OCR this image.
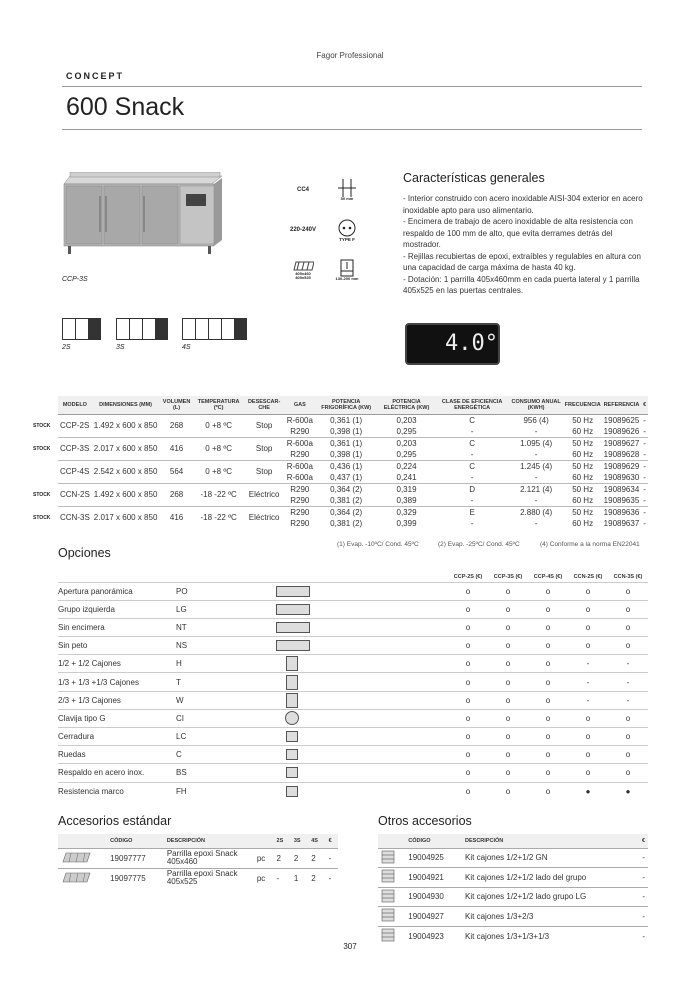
Fagor Professional
CONCEPT
600 Snack
CCP-3S
CC4
50 mm
220-240V
TYPE F
405x460
405x525	130-200 mm
Características generales
- Interior construido con acero inoxidable AISI-304 exterior en acero inoxidable apto para uso alimentario.
- Encimera de trabajo de acero inoxidable de alta resistencia con respaldo de 100 mm de alto, que evita derrames detrás del mostrador.
- Rejillas recubiertas de epoxi, extraíbles y regulables en altura con una capacidad de carga máxima de hasta 40 kg.
- Dotación: 1 parrilla 405x460mm en cada puerta lateral y 1 parrilla 405x525 en las puertas centrales.
2S	3S	4S	4.0°
MODELO	DIMENSIONES (MM)	VOLUMEN (L)	TEMPERATURA (ºC)	DESESCAR-CHE	GAS	POTENCIA FRIGORÍFICA (KW)	POTENCIA ELÉCTRICA (KW)	CLASE DE EFICIENCIA ENERGÉTICA	CONSUMO ANUAL (KWH)	FRECUENCIA	REFERENCIA	€
CCP-2S	1.492 x 600 x 850	268	0 +8 ºC	Stop	R-600a	0,361 (1)	0,203	C	956 (4)	50 Hz	19089625	-
					R290	0,398 (1)	0,295	-	-	60 Hz	19089626	-
CCP-3S	2.017 x 600 x 850	416	0 +8 ºC	Stop	R-600a	0,361 (1)	0,203	C	1.095 (4)	50 Hz	19089627	-
					R290	0,398 (1)	0,295	-	-	60 Hz	19089628	-
CCP-4S	2.542 x 600 x 850	564	0 +8 ºC	Stop	R-600a	0,436 (1)	0,224	C	1.245 (4)	50 Hz	19089629	-
					R-600a	0,437 (1)	0,241	-	-	60 Hz	19089630	-
CCN-2S	1.492 x 600 x 850	268	-18 -22 ºC	Eléctrico	R290	0,364 (2)	0,319	D	2.121 (4)	50 Hz	19089634	-
					R290	0,381 (2)	0,389	-	-	60 Hz	19089635	-
CCN-3S	2.017 x 600 x 850	416	-18 -22 ºC	Eléctrico	R290	0,364 (2)	0,329	E	2.880 (4)	50 Hz	19089636	-
					R290	0,381 (2)	0,399	-	-	60 Hz	19089637	-
(1) Evap. -10ºC/ Cond. 45ºC	(2) Evap. -25ºC/ Cond. 45ºC	(4) Conforme a la norma EN22041
Opciones
			CCP-2S (€)	CCP-3S (€)	CCP-4S (€)	CCN-2S (€)	CCN-3S (€)
Apertura panorámica	PO		o	o	o	o	o
Grupo izquierda	LG		o	o	o	o	o
Sin encimera	NT		o	o	o	o	o
Sin peto	NS		o	o	o	o	o
1/2 + 1/2 Cajones	H		o	o	o	-	-
1/3 + 1/3 +1/3 Cajones	T		o	o	o	-	-
2/3 + 1/3 Cajones	W		o	o	o	-	-
Clavija tipo G	CI		o	o	o	o	o
Cerradura	LC		o	o	o	o	o
Ruedas	C		o	o	o	o	o
Respaldo en acero inox.	BS		o	o	o	o	o
Resistencia marco	FH		o	o	o	●	●
Accesorios estándar
	CÓDIGO	DESCRIPCIÓN		2S	3S	4S	€
	19097777	Parrilla epoxi Snack 405x460	pc	2	2	2	-
	19097775	Parrilla epoxi Snack 405x525	pc	-	1	2	-
Otros accesorios
	CÓDIGO	DESCRIPCIÓN	€
	19004925	Kit cajones 1/2+1/2 GN	-
	19004921	Kit cajones 1/2+1/2 lado del grupo	-
	19004930	Kit cajones 1/2+1/2 lado grupo LG	-
	19004927	Kit cajones 1/3+2/3	-
	19004923	Kit cajones 1/3+1/3+1/3	-
307
STOCK
STOCK
STOCK
STOCK
